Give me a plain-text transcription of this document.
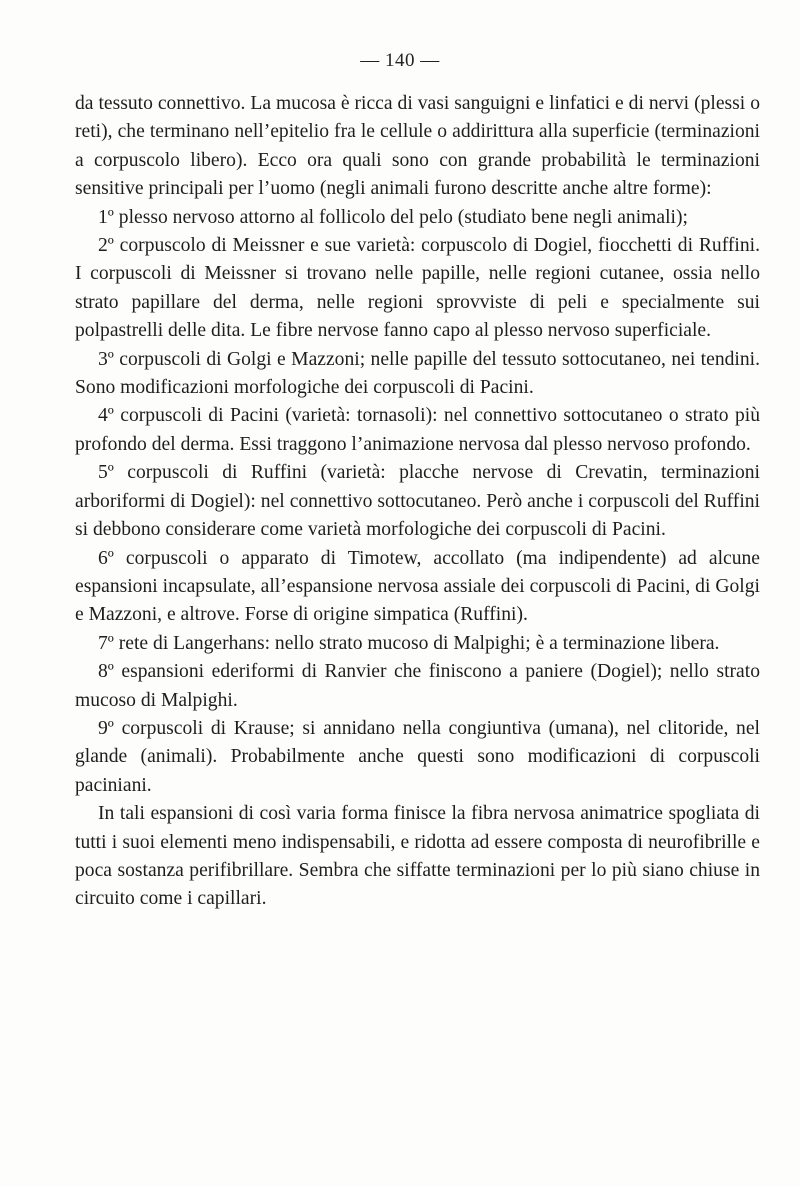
— 140 —

da tessuto connettivo. La mucosa è ricca di vasi sanguigni e linfatici e di nervi (plessi o reti), che terminano nell’epitelio fra le cellule o addirittura alla superficie (terminazioni a corpuscolo libero). Ecco ora quali sono con grande probabilità le terminazioni sensitive principali per l’uomo (negli animali furono descritte anche altre forme):

1º plesso nervoso attorno al follicolo del pelo (studiato bene negli animali);

2º corpuscolo di Meissner e sue varietà: corpuscolo di Dogiel, fiocchetti di Ruffini. I corpuscoli di Meissner si trovano nelle papille, nelle regioni cutanee, ossia nello strato papillare del derma, nelle regioni sprovviste di peli e specialmente sui polpastrelli delle dita. Le fibre nervose fanno capo al plesso nervoso superficiale.

3º corpuscoli di Golgi e Mazzoni; nelle papille del tessuto sottocutaneo, nei tendini. Sono modificazioni morfologiche dei corpuscoli di Pacini.

4º corpuscoli di Pacini (varietà: tornasoli): nel connettivo sottocutaneo o strato più profondo del derma. Essi traggono l’animazione nervosa dal plesso nervoso profondo.

5º corpuscoli di Ruffini (varietà: placche nervose di Crevatin, terminazioni arboriformi di Dogiel): nel connettivo sottocutaneo. Però anche i corpuscoli del Ruffini si debbono considerare come varietà morfologiche dei corpuscoli di Pacini.

6º corpuscoli o apparato di Timotew, accollato (ma indipendente) ad alcune espansioni incapsulate, all’espansione nervosa assiale dei corpuscoli di Pacini, di Golgi e Mazzoni, e altrove. Forse di origine simpatica (Ruffini).

7º rete di Langerhans: nello strato mucoso di Malpighi; è a terminazione libera.

8º espansioni ederiformi di Ranvier che finiscono a paniere (Dogiel); nello strato mucoso di Malpighi.

9º corpuscoli di Krause; si annidano nella congiuntiva (umana), nel clitoride, nel glande (animali). Probabilmente anche questi sono modificazioni di corpuscoli paciniani.

In tali espansioni di così varia forma finisce la fibra nervosa animatrice spogliata di tutti i suoi elementi meno indispensabili, e ridotta ad essere composta di neurofibrille e poca sostanza perifibrillare. Sembra che siffatte terminazioni per lo più siano chiuse in circuito come i capillari.
